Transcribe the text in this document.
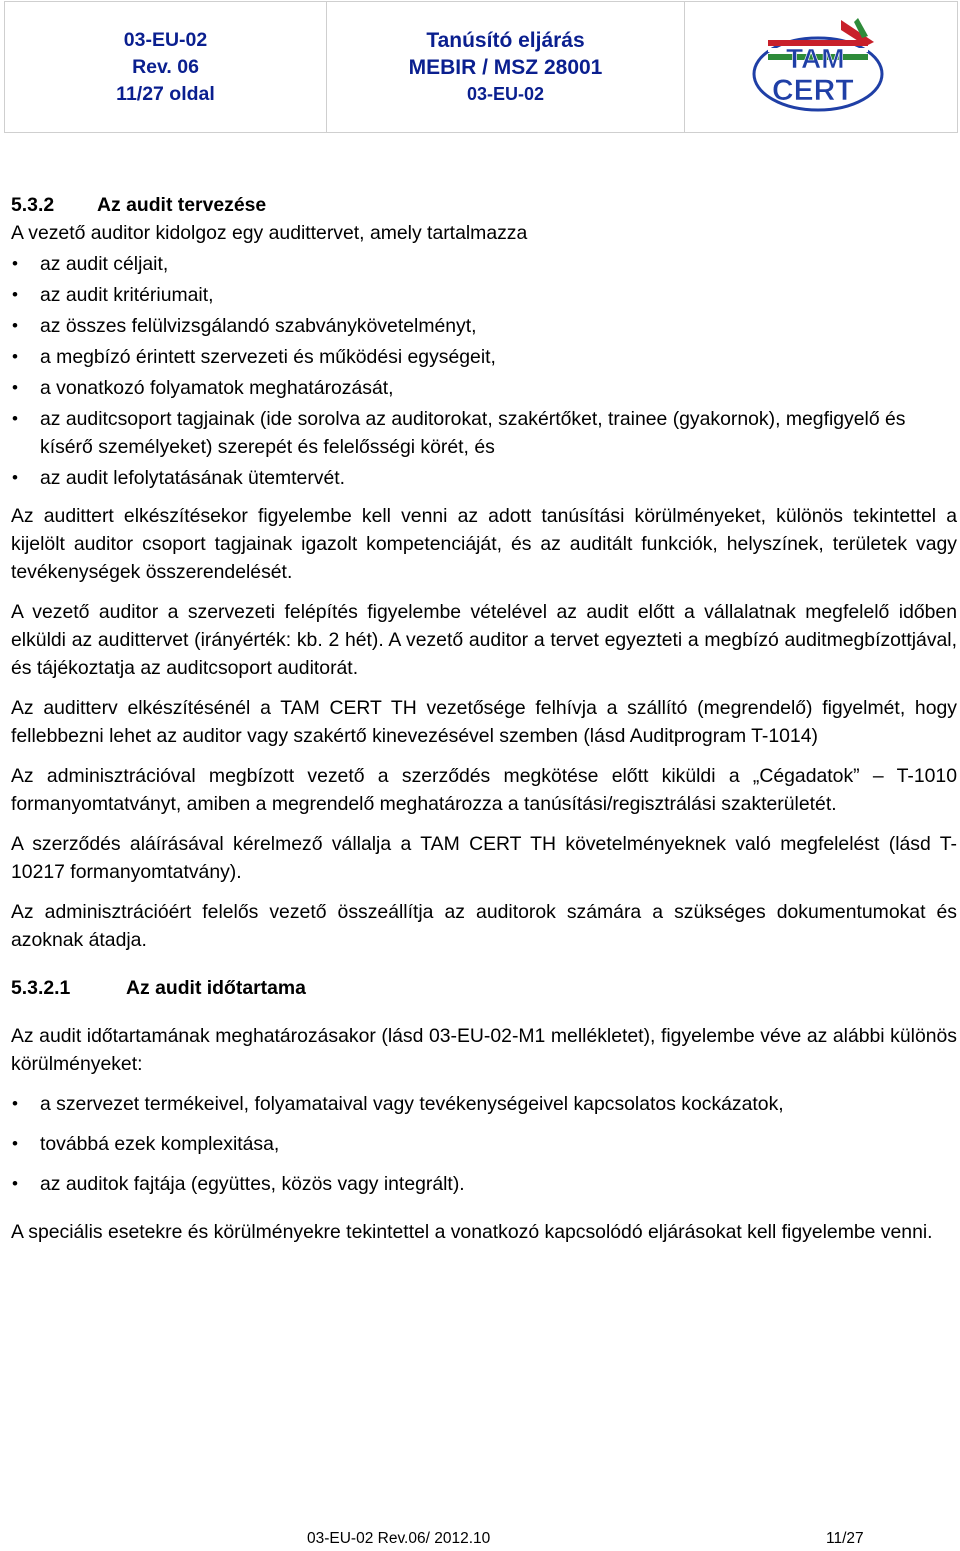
03-EU-02
Rev. 06
11/27 oldal
Tanúsító eljárás
MEBIR / MSZ 28001
03-EU-02
TAM
CERT
5.3.2	Az audit tervezése

A vezető auditor kidolgoz egy audittervet, amely tartalmazza

• az audit céljait,
• az audit kritériumait,
• az összes felülvizsgálandó szabványkövetelményt,
• a megbízó érintett szervezeti és működési egységeit,
• a vonatkozó folyamatok meghatározását,
• az auditcsoport tagjainak (ide sorolva az auditorokat, szakértőket, trainee (gyakornok), megfigyelő és kísérő személyeket) szerepét és felelősségi körét, és
• az audit lefolytatásának ütemtervét.

Az audittert elkészítésekor figyelembe kell venni az adott tanúsítási körülményeket, különös tekintettel a kijelölt auditor csoport tagjainak igazolt kompetenciáját, és az auditált funkciók, helyszínek, területek vagy tevékenységek összerendelését.

A vezető auditor a szervezeti felépítés figyelembe vételével az audit előtt a vállalatnak megfelelő időben elküldi az audittervet (irányérték: kb. 2 hét). A vezető auditor a tervet egyezteti a megbízó auditmegbízottjával, és tájékoztatja az auditcsoport auditorát.

Az auditterv elkészítésénél a TAM CERT TH vezetősége felhívja a szállító (megrendelő) figyelmét, hogy fellebbezni lehet az auditor vagy szakértő kinevezésével szemben (lásd Auditprogram T-1014)

Az adminisztrációval megbízott vezető a szerződés megkötése előtt kiküldi a „Cégadatok” – T-1010 formanyomtatványt, amiben a megrendelő meghatározza a tanúsítási/regisztrálási szakterületét.

A szerződés aláírásával kérelmező vállalja a TAM CERT TH követelményeknek való megfelelést (lásd T-10217 formanyomtatvány).

Az adminisztrációért felelős vezető összeállítja az auditorok számára a szükséges dokumentumokat és azoknak átadja.

5.3.2.1	Az audit időtartama

Az audit időtartamának meghatározásakor (lásd 03-EU-02-M1 mellékletet), figyelembe véve az alábbi különös körülményeket:

• a szervezet termékeivel, folyamataival vagy tevékenységeivel kapcsolatos kockázatok,
• továbbá ezek komplexitása,
• az auditok fajtája (együttes, közös vagy integrált).

A speciális esetekre és körülményekre tekintettel a vonatkozó kapcsolódó eljárásokat kell figyelembe venni.

03-EU-02 Rev.06/ 2012.10	11/27
